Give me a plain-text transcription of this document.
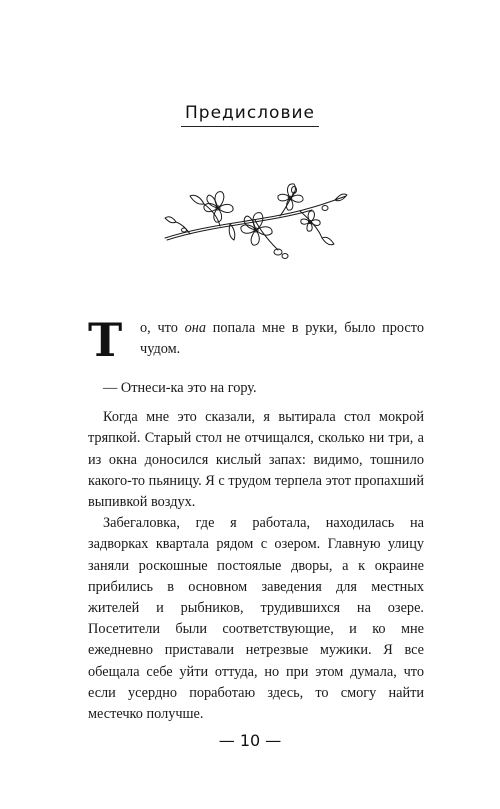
Предисловие
Т	о, что она попала мне в руки, было просто чудом.

— Отнеси-ка это на гору.

Когда мне это сказали, я вытирала стол мокрой тряпкой. Старый стол не отчищался, сколько ни три, а из окна доносился кислый запах: видимо, тошнило какого-то пьяницу. Я с трудом терпела этот пропахший выпивкой воздух.

Забегаловка, где я работала, находилась на задворках квартала рядом с озером. Главную улицу заняли роскошные постоялые дворы, а к окраине прибились в основном заведения для местных жителей и рыбников, трудившихся на озере. Посетители были соответствующие, и ко мне ежедневно приставали нетрезвые мужики. Я все обещала себе уйти оттуда, но при этом думала, что если усердно поработаю здесь, то смогу найти местечко получше.

— 10 —
